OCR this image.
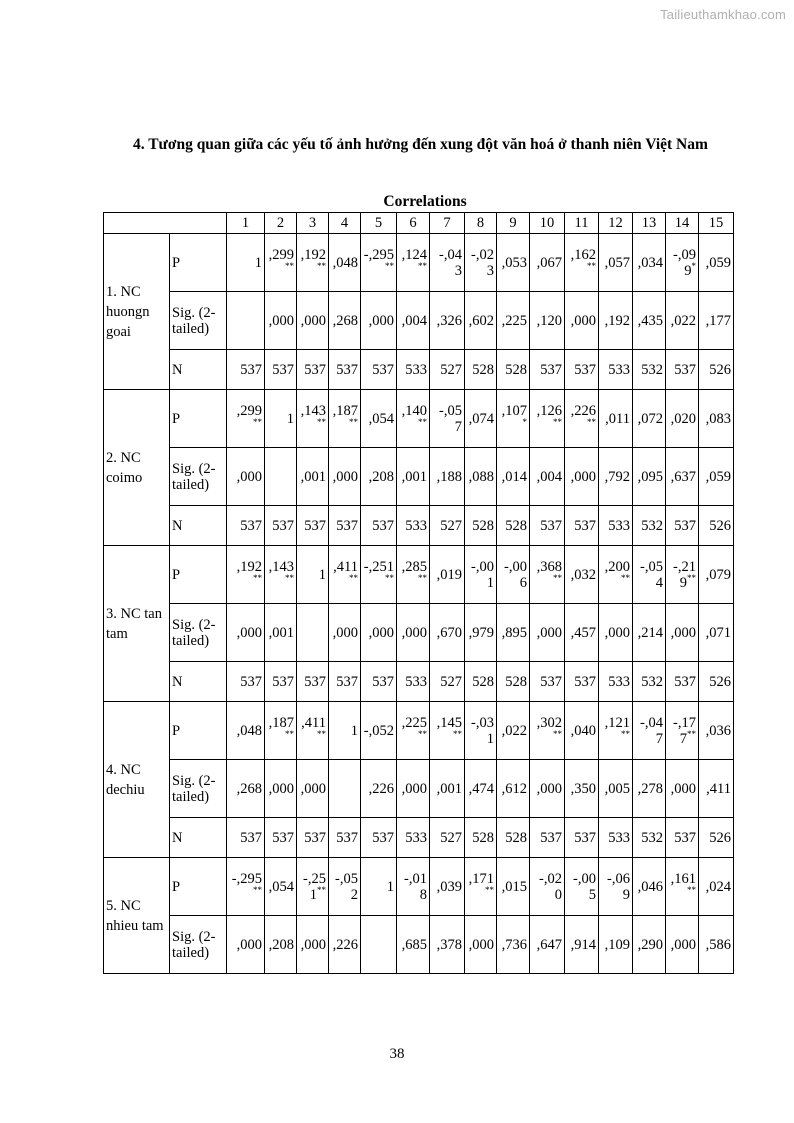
Tailieuthamkhao.com
4. Tương quan giữa các yếu tố ảnh hưởng đến xung đột văn hoá ở thanh niên Việt Nam
Correlations
		1	2	3	4	5	6	7	8	9	10	11	12	13	14	15
1. NC huongn goai	P	1	,299**	,192**	,048	-,295**	,124**	-,043	-,023	,053	,067	,162**	,057	,034	-,099*	,059
	Sig. (2-tailed)		,000	,000	,268	,000	,004	,326	,602	,225	,120	,000	,192	,435	,022	,177
	N	537	537	537	537	537	533	527	528	528	537	537	533	532	537	526
2. NC coimo	P	,299**	1	,143**	,187**	,054	,140**	-,057	,074	,107*	,126**	,226**	,011	,072	,020	,083
	Sig. (2-tailed)	,000		,001	,000	,208	,001	,188	,088	,014	,004	,000	,792	,095	,637	,059
	N	537	537	537	537	537	533	527	528	528	537	537	533	532	537	526
3. NC tan tam	P	,192**	,143**	1	,411**	-,251**	,285**	,019	-,001	-,006	,368**	,032	,200**	-,054	-,219**	,079
	Sig. (2-tailed)	,000	,001		,000	,000	,000	,670	,979	,895	,000	,457	,000	,214	,000	,071
	N	537	537	537	537	537	533	527	528	528	537	537	533	532	537	526
4. NC dechiu	P	,048	,187**	,411**	1	-,052	,225**	,145**	-,031	,022	,302**	,040	,121**	-,047	-,177**	,036
	Sig. (2-tailed)	,268	,000	,000		,226	,000	,001	,474	,612	,000	,350	,005	,278	,000	,411
	N	537	537	537	537	537	533	527	528	528	537	537	533	532	537	526
5. NC nhieu tam	P	-,295**	,054	-,251**	-,052	1	-,018	,039	,171**	,015	-,020	-,005	-,069	,046	,161**	,024
	Sig. (2-tailed)	,000	,208	,000	,226		,685	,378	,000	,736	,647	,914	,109	,290	,000	,586
38
